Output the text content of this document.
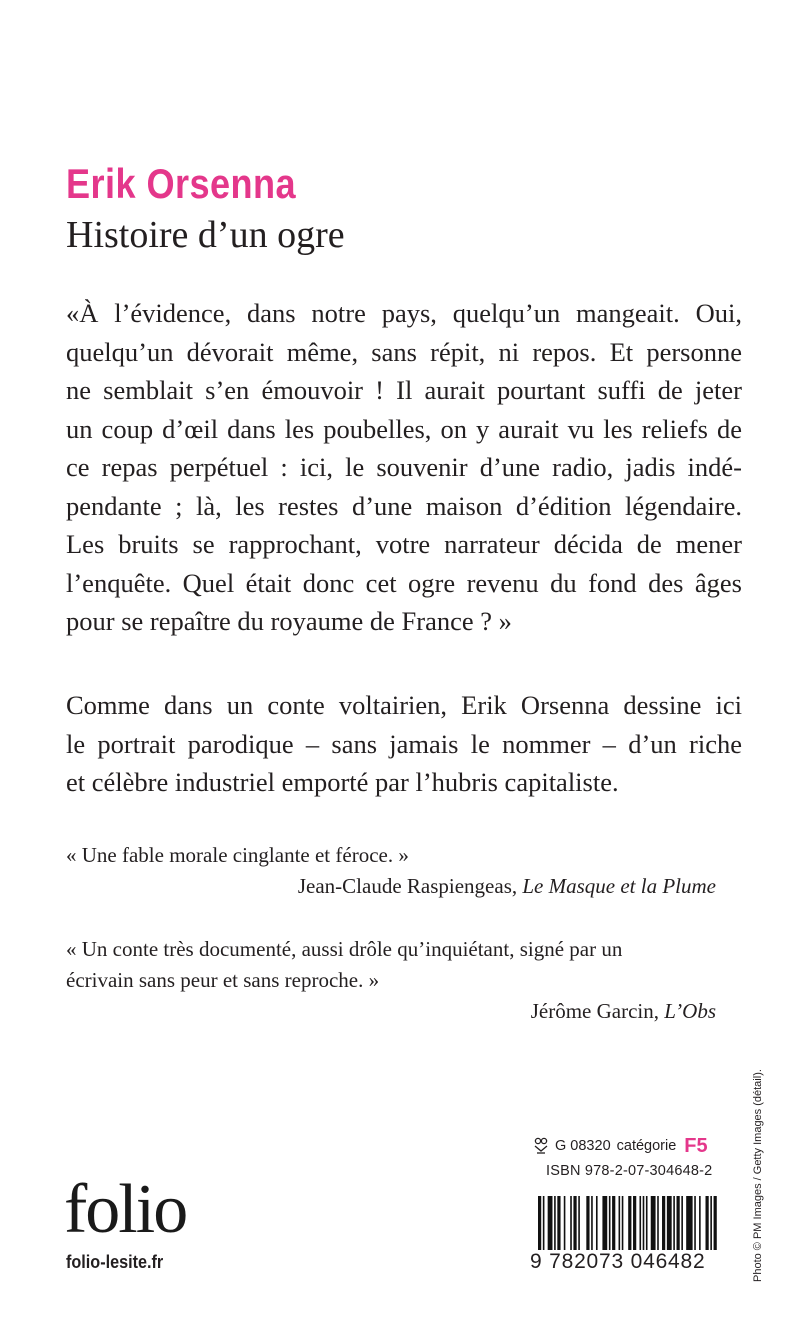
Erik Orsenna
Histoire d’un ogre
«À l’évidence, dans notre pays, quelqu’un mangeait. Oui,
quelqu’un dévorait même, sans répit, ni repos. Et personne
ne semblait s’en émouvoir ! Il aurait pourtant suffi de jeter
un coup d’œil dans les poubelles, on y aurait vu les reliefs de
ce repas perpétuel : ici, le souvenir d’une radio, jadis indé-
pendante ; là, les restes d’une maison d’édition légendaire.
Les bruits se rapprochant, votre narrateur décida de mener
l’enquête. Quel était donc cet ogre revenu du fond des âges
pour se repaître du royaume de France ? »
Comme dans un conte voltairien, Erik Orsenna dessine ici
le portrait parodique – sans jamais le nommer – d’un riche
et célèbre industriel emporté par l’hubris capitaliste.
« Une fable morale cinglante et féroce. »
Jean-Claude Raspiengeas, Le Masque et la Plume
« Un conte très documenté, aussi drôle qu’inquiétant, signé par un
écrivain sans peur et sans reproche. »
Jérôme Garcin, L’Obs
G 08320 catégorie F5
ISBN 978-2-07-304648-2
9 782073 046482
folio
folio-lesite.fr	Photo © PM Images / Getty Images (détail).
